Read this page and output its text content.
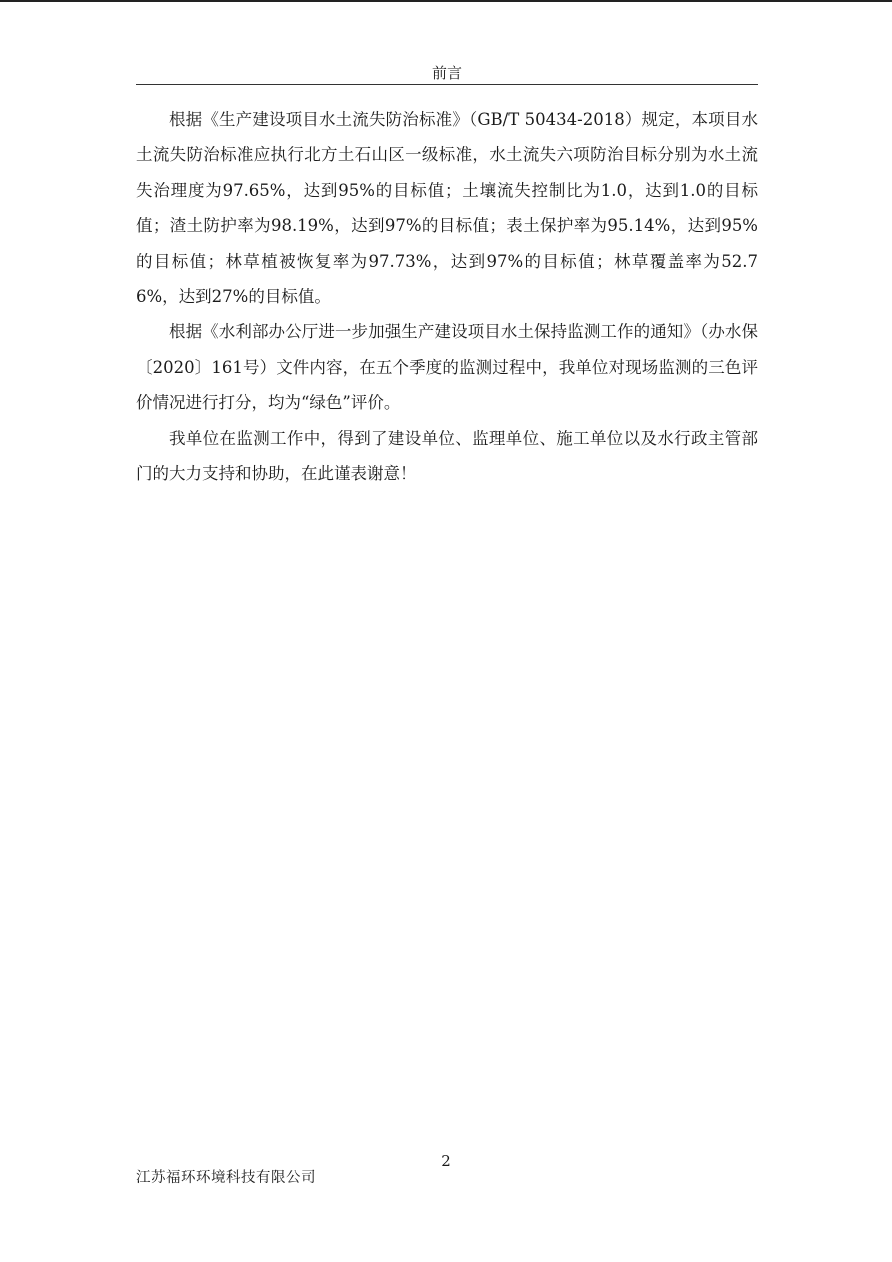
前言

根据《生产建设项目水土流失防治标准》（GB/T 50434-2018）规定，本项目水土流失防治标准应执行北方土石山区一级标准，水土流失六项防治目标分别为水土流失治理度为97.65%，达到95%的目标值；土壤流失控制比为1.0，达到1.0的目标值；渣土防护率为98.19%，达到97%的目标值；表土保护率为95.14%，达到95%的目标值；林草植被恢复率为97.73%，达到97%的目标值；林草覆盖率为52.76%，达到27%的目标值。

根据《水利部办公厅进一步加强生产建设项目水土保持监测工作的通知》（办水保〔2020〕161号）文件内容，在五个季度的监测过程中，我单位对现场监测的三色评价情况进行打分，均为“绿色”评价。

我单位在监测工作中，得到了建设单位、监理单位、施工单位以及水行政主管部门的大力支持和协助，在此谨表谢意！

2
江苏福环环境科技有限公司
